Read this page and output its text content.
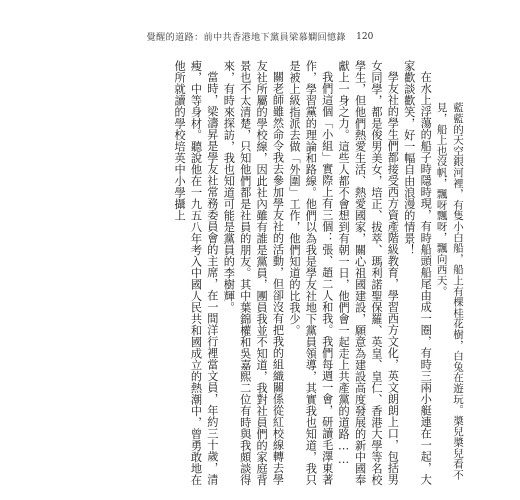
覺醒的道路：前中共香港地下黨員梁慕嫻回憶錄 120

藍藍的天空銀河裡，有隻小白船，船上有棵桂花樹，白兔在遊玩。槳兒槳兒看不見，船上也沒帆，飄呀飄呀，飄向西天。

在水上浮蕩的船子時隱時現，有時船頭船尾由成一圈，有時三兩小艇連在一起，大家歡談歡笑，好一幅自由浪漫的情景！

學友社的學生們都接受西方資產階級教育，學習西方文化，英文朗朗上口，包括男女同學，都是俊男美女，培正、拔萃、瑪利諾聖保羅、英皇、皇仁、香港大學等名校學生，但他們熱愛生活、熱愛國家，關心祖國建設，願意為建設高度發展的新中國奉獻上一身之力。這些人都不會想到有朝一日，他們會一起走上共產黨的道路……

我們這個「小組」實際上有三個：張、趙二人和我。我們每週一會，研讀毛澤東著作，學習黨的理論和路線。他們以為我是學友社地下黨員領導，其實我也知道，我只是被上級指派去做「外圍」工作，他們知道的比我少。

關老師雖然命令我去參加學友社的活動，但卻沒有把我的組織關係從紅校線轉去學友社所屬的學校線，因此社內雖有誰是黨員，團員我並不知道，我對社員們的家庭背景也不太清楚，只知他們都是社員的朋友。其中葉錦權和吳嘉熙二位有時與我頗談得來，有時來探訪，我也知道可能是黨員的李樹輝。

當時，梁濤昇是學友社常務委員會的主席，在一間洋行裡當文員，年約三十歲，清瘦，中等身材。聽說他在一九五八年考入中國人民共和國成立的熱潮中，曾勇敢地在他所就讀的學校培英中小學攝上
